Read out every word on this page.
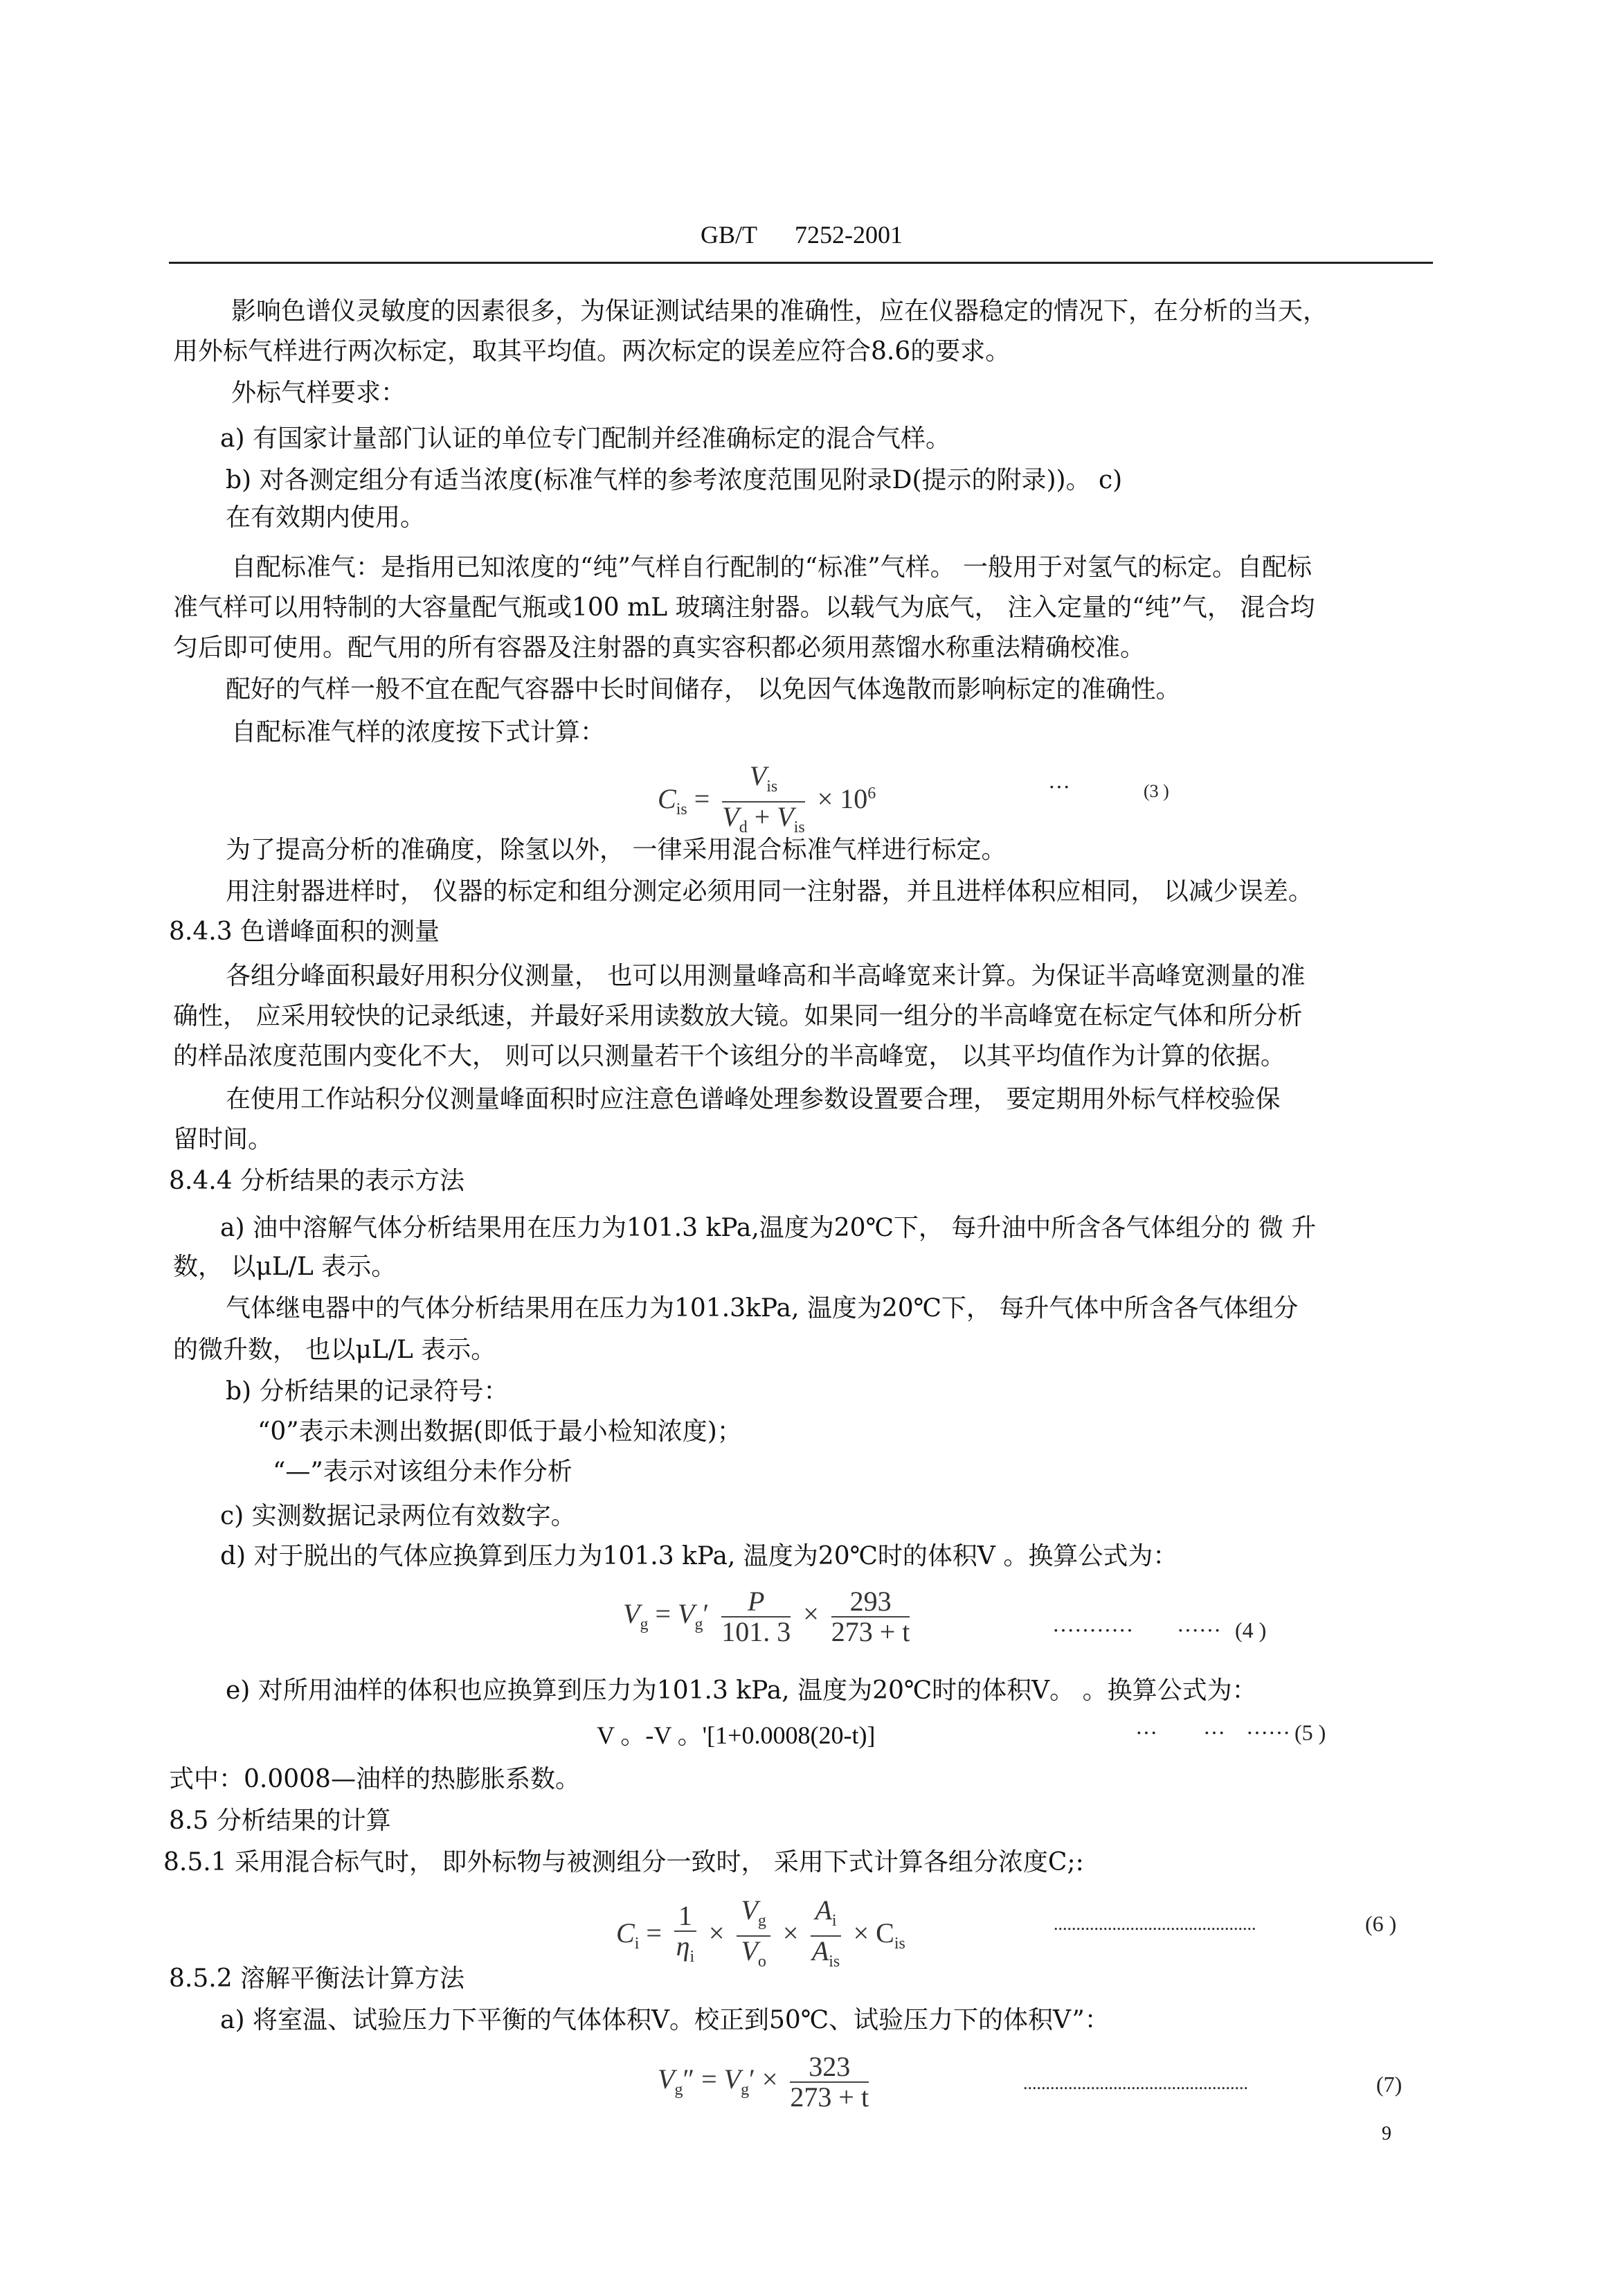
GB/T 7252-2001
影响色谱仪灵敏度的因素很多，为保证测试结果的准确性，应在仪器稳定的情况下，在分析的当天，
用外标气样进行两次标定，取其平均值。两次标定的误差应符合8.6的要求。
外标气样要求：
a) 有国家计量部门认证的单位专门配制并经准确标定的混合气样。
b) 对各测定组分有适当浓度(标准气样的参考浓度范围见附录D(提示的附录))。 c)
在有效期内使用。
自配标准气：是指用已知浓度的“纯”气样自行配制的“标准”气样。 一般用于对氢气的标定。自配标
准气样可以用特制的大容量配气瓶或100 mL 玻璃注射器。以载气为底气， 注入定量的“纯”气， 混合均
匀后即可使用。配气用的所有容器及注射器的真实容积都必须用蒸馏水称重法精确校准。
配好的气样一般不宜在配气容器中长时间储存， 以免因气体逸散而影响标定的准确性。
自配标准气样的浓度按下式计算：
$C_{is} = \frac{V_{is}}{V_d + V_{is}} \times 10^6$	···	(3 )
为了提高分析的准确度，除氢以外， 一律采用混合标准气样进行标定。
用注射器进样时， 仪器的标定和组分测定必须用同一注射器，并且进样体积应相同， 以减少误差。
8.4.3 色谱峰面积的测量
各组分峰面积最好用积分仪测量， 也可以用测量峰高和半高峰宽来计算。为保证半高峰宽测量的准
确性， 应采用较快的记录纸速，并最好采用读数放大镜。如果同一组分的半高峰宽在标定气体和所分析
的样品浓度范围内变化不大， 则可以只测量若干个该组分的半高峰宽， 以其平均值作为计算的依据。
在使用工作站积分仪测量峰面积时应注意色谱峰处理参数设置要合理， 要定期用外标气样校验保
留时间。
8.4.4 分析结果的表示方法
a) 油中溶解气体分析结果用在压力为101.3 kPa,温度为20℃下， 每升油中所含各气体组分的 微 升
数， 以μL/L 表示。
气体继电器中的气体分析结果用在压力为101.3kPa, 温度为20℃下， 每升气体中所含各气体组分
的微升数， 也以μL/L 表示。
b) 分析结果的记录符号：
“0”表示未测出数据(即低于最小检知浓度)；
“—”表示对该组分未作分析
c) 实测数据记录两位有效数字。
d) 对于脱出的气体应换算到压力为101.3 kPa, 温度为20℃时的体积V 。换算公式为：
$V_g = V_g' \frac{P}{101. 3} \times \frac{293}{273 + t}$	··········· ······ (4 )
e) 对所用油样的体积也应换算到压力为101.3 kPa, 温度为20℃时的体积V。 。换算公式为：
V 。-V 。'[1+0.0008(20-t)]	··· ··· ······ (5 )
式中：0.0008—油样的热膨胀系数。
8.5 分析结果的计算
8.5.1 采用混合标气时， 即外标物与被测组分一致时， 采用下式计算各组分浓度C;:
$C_i = \frac{1}{\eta_i} \times \frac{V_g}{V_o} \times \frac{A_i}{A_{is}} \times C_{is}$
.............................................	(6 )
8.5.2 溶解平衡法计算方法
a) 将室温、试验压力下平衡的气体体积V。校正到50℃、试验压力下的体积V”：
$V_g'' = V_g' \times \frac{323}{273 + t}$	..................................................	(7)
9
